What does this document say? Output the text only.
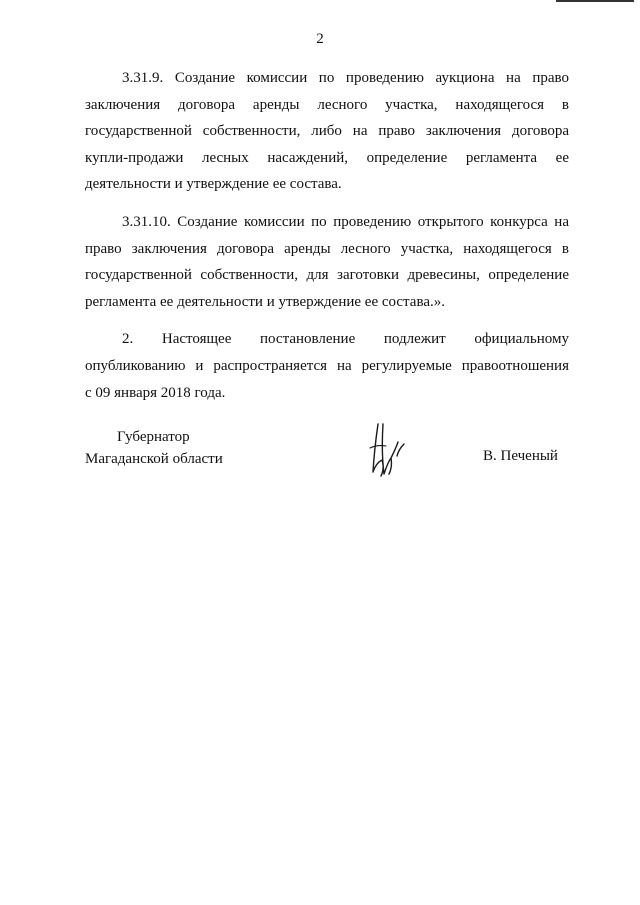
2

3.31.9. Создание комиссии по проведению аукциона на право
заключения договора аренды лесного участка, находящегося в
государственной собственности, либо на право заключения договора
купли-продажи лесных насаждений, определение регламента ее
деятельности и утверждение ее состава.

3.31.10. Создание комиссии по проведению открытого конкурса на
право заключения договора аренды лесного участка, находящегося в
государственной собственности, для заготовки древесины, определение
регламента ее деятельности и утверждение ее состава.».

2. Настоящее постановление подлежит официальному
опубликованию и распространяется на регулируемые правоотношения
с 09 января 2018 года.

Губернатор
Магаданской области	В. Печеный
